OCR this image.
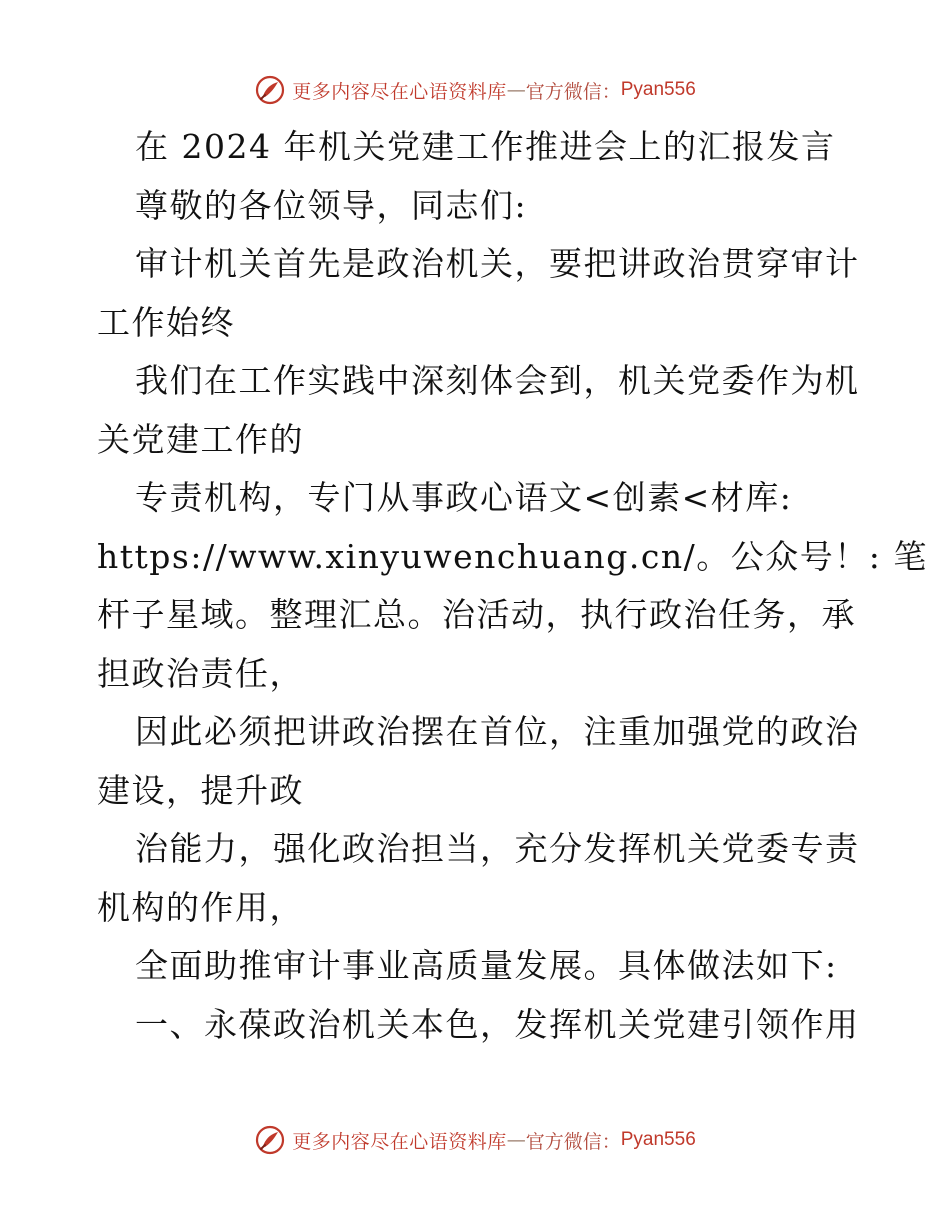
更多内容尽在心语资料库 — 官方微信： Pyan556
在 2024 年机关党建工作推进会上的汇报发言
尊敬的各位领导，同志们:
审计机关首先是政治机关，要把讲政治贯穿审计
工作始终
我们在工作实践中深刻体会到，机关党委作为机
关党建工作的
专责机构，专门从事政心语文<创素<材库:
https://www.xinyuwenchuang.cn/。公众号！: 笔
杆子星域。整理汇总。治活动，执行政治任务，承
担政治责任，
因此必须把讲政治摆在首位，注重加强党的政治
建设，提升政
治能力，强化政治担当，充分发挥机关党委专责
机构的作用，
全面助推审计事业高质量发展。具体做法如下:
一、永葆政治机关本色，发挥机关党建引领作用
更多内容尽在心语资料库 — 官方微信： Pyan556
